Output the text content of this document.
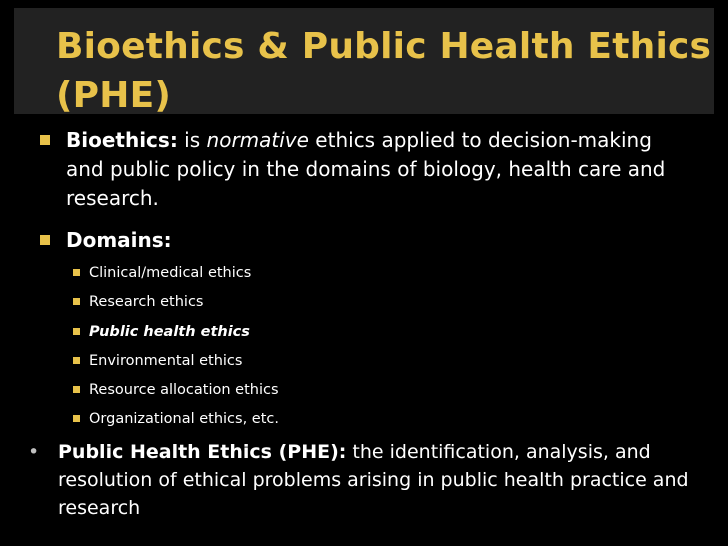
Bioethics & Public Health Ethics
(PHE)
Bioethics: is normative ethics applied to decision-making and public policy in the domains of biology, health care and research.
Domains:
Clinical/medical ethics
Research ethics
Public health ethics
Environmental ethics
Resource allocation ethics
Organizational ethics, etc.
• Public Health Ethics (PHE): the identification, analysis, and resolution of ethical problems arising in public health practice and research
